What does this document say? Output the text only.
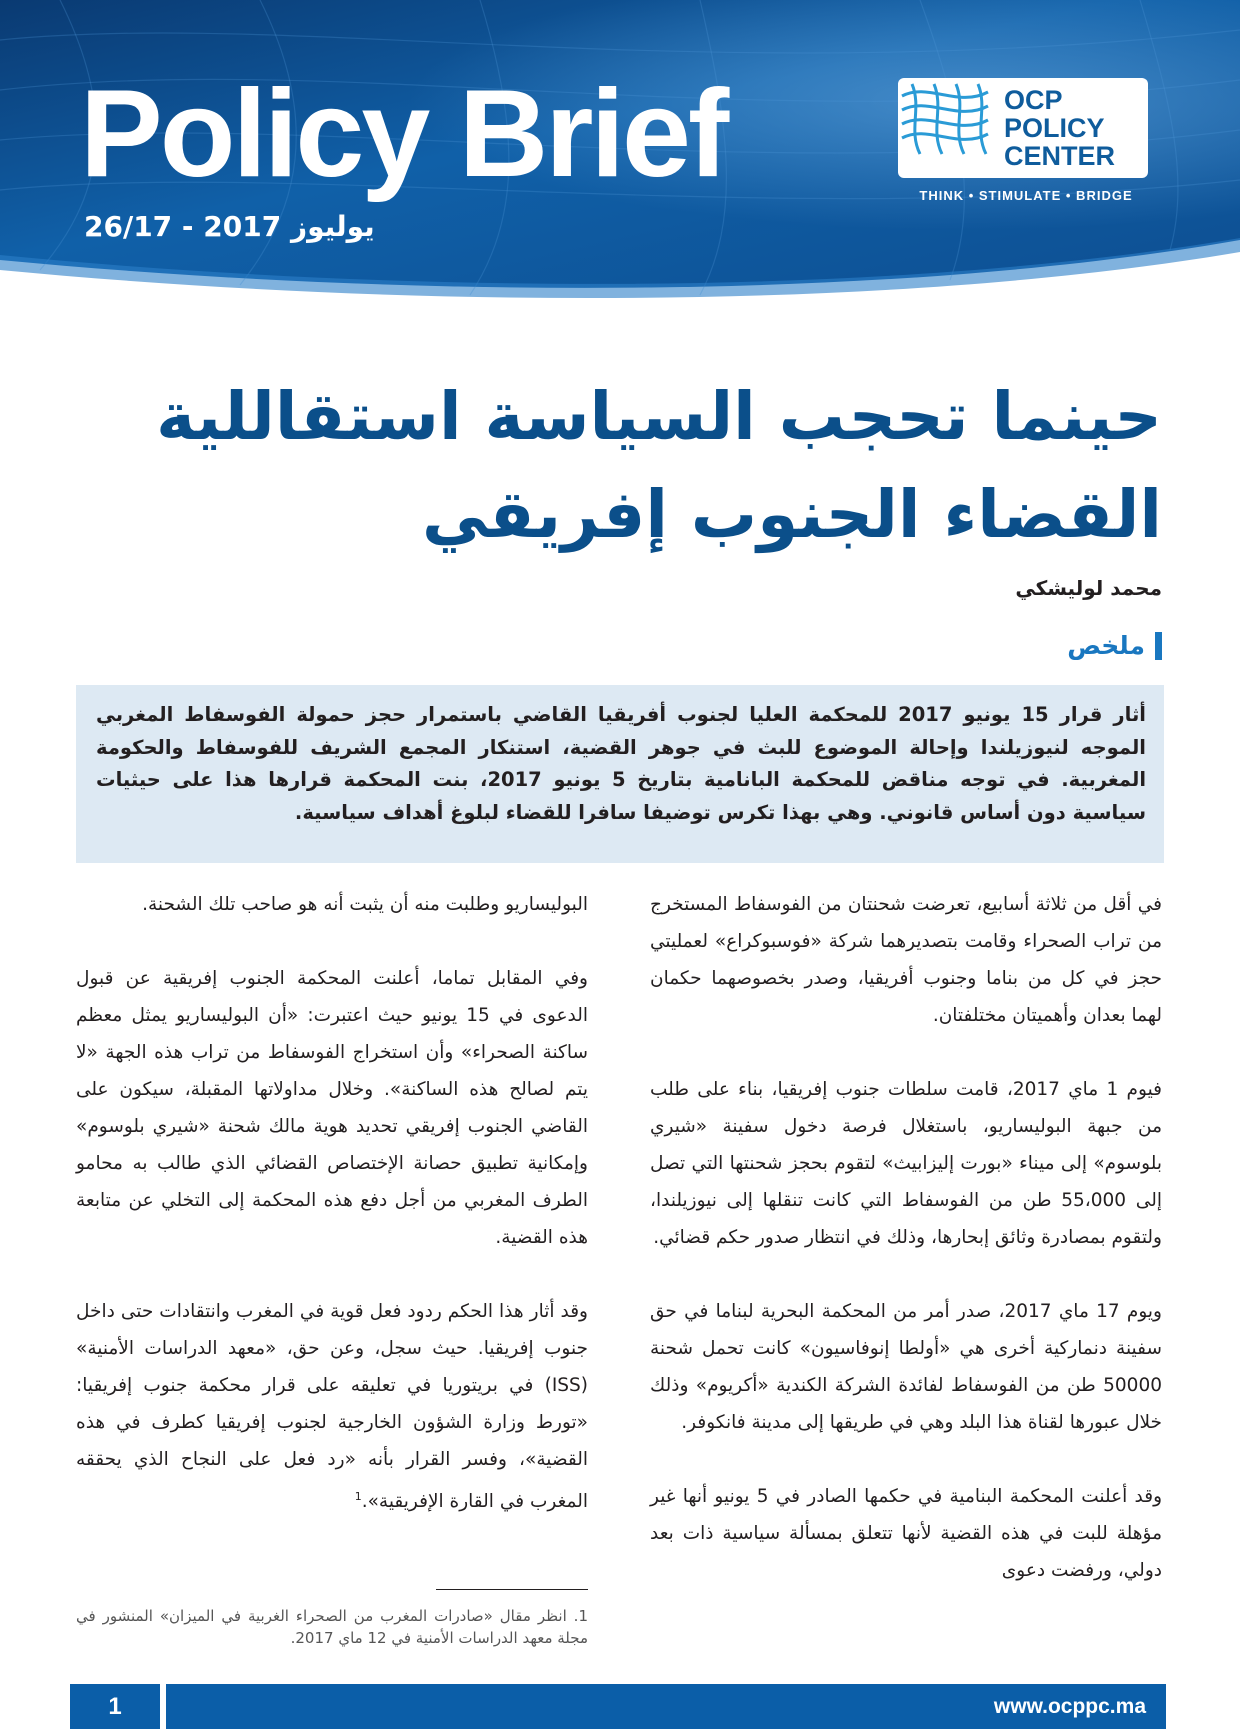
Policy Brief
يوليوز 2017 - 26/17
OCP
POLICY
CENTER
THINK • STIMULATE • BRIDGE
حينما تحجب السياسة استقاللية
القضاء الجنوب إفريقي
محمد لوليشكي
ملخص
أثار قرار 15 يونيو 2017 للمحكمة العليا لجنوب أفريقيا القاضي باستمرار حجز حمولة الفوسفاط المغربي الموجه لنيوزيلندا وإحالة الموضوع للبث في جوهر القضية، استنكار المجمع الشريف للفوسفاط والحكومة المغربية. في توجه مناقض للمحكمة البانامية بتاريخ 5 يونيو 2017، بنت المحكمة قرارها هذا على حيثيات سياسية دون أساس قانوني. وهي بهذا تكرس توضيفا سافرا للقضاء لبلوغ أهداف سياسية.

في أقل من ثلاثة أسابيع، تعرضت شحنتان من الفوسفاط المستخرج من تراب الصحراء وقامت بتصديرهما شركة «فوسبوكراع» لعمليتي حجز في كل من بناما وجنوب أفريقيا، وصدر بخصوصهما حكمان لهما بعدان وأهميتان مختلفتان.

فيوم 1 ماي 2017، قامت سلطات جنوب إفريقيا، بناء على طلب من جبهة البوليساريو، باستغلال فرصة دخول سفينة «شيري بلوسوم» إلى ميناء «بورت إليزابيث» لتقوم بحجز شحنتها التي تصل إلى 55،000 طن من الفوسفاط التي كانت تنقلها إلى نيوزيلندا، ولتقوم بمصادرة وثائق إبحارها، وذلك في انتظار صدور حكم قضائي.

ويوم 17 ماي 2017، صدر أمر من المحكمة البحرية لبناما في حق سفينة دنماركية أخرى هي «أولطا إنوفاسيون» كانت تحمل شحنة 50000 طن من الفوسفاط لفائدة الشركة الكندية «أكريوم» وذلك خلال عبورها لقناة هذا البلد وهي في طريقها إلى مدينة فانكوفر.

وقد أعلنت المحكمة البنامية في حكمها الصادر في 5 يونيو أنها غير مؤهلة للبت في هذه القضية لأنها تتعلق بمسألة سياسية ذات بعد دولي، ورفضت دعوى

البوليساريو وطلبت منه أن يثبت أنه هو صاحب تلك الشحنة.

وفي المقابل تماما، أعلنت المحكمة الجنوب إفريقية عن قبول الدعوى في 15 يونيو حيث اعتبرت: «أن البوليساريو يمثل معظم ساكنة الصحراء» وأن استخراج الفوسفاط من تراب هذه الجهة «لا يتم لصالح هذه الساكنة». وخلال مداولاتها المقبلة، سيكون على القاضي الجنوب إفريقي تحديد هوية مالك شحنة «شيري بلوسوم» وإمكانية تطبيق حصانة الإختصاص القضائي الذي طالب به محامو الطرف المغربي من أجل دفع هذه المحكمة إلى التخلي عن متابعة هذه القضية.

وقد أثار هذا الحكم ردود فعل قوية في المغرب وانتقادات حتى داخل جنوب إفريقيا. حيث سجل، وعن حق، «معهد الدراسات الأمنية» (ISS) في بريتوريا في تعليقه على قرار محكمة جنوب إفريقيا: «تورط وزارة الشؤون الخارجية لجنوب إفريقيا كطرف في هذه القضية»، وفسر القرار بأنه «رد فعل على النجاح الذي يحققه المغرب في القارة الإفريقية».$^1$

1. انظر مقال «صادرات المغرب من الصحراء الغربية في الميزان» المنشور في مجلة معهد الدراسات الأمنية في 12 ماي 2017.
1	www.ocppc.ma
